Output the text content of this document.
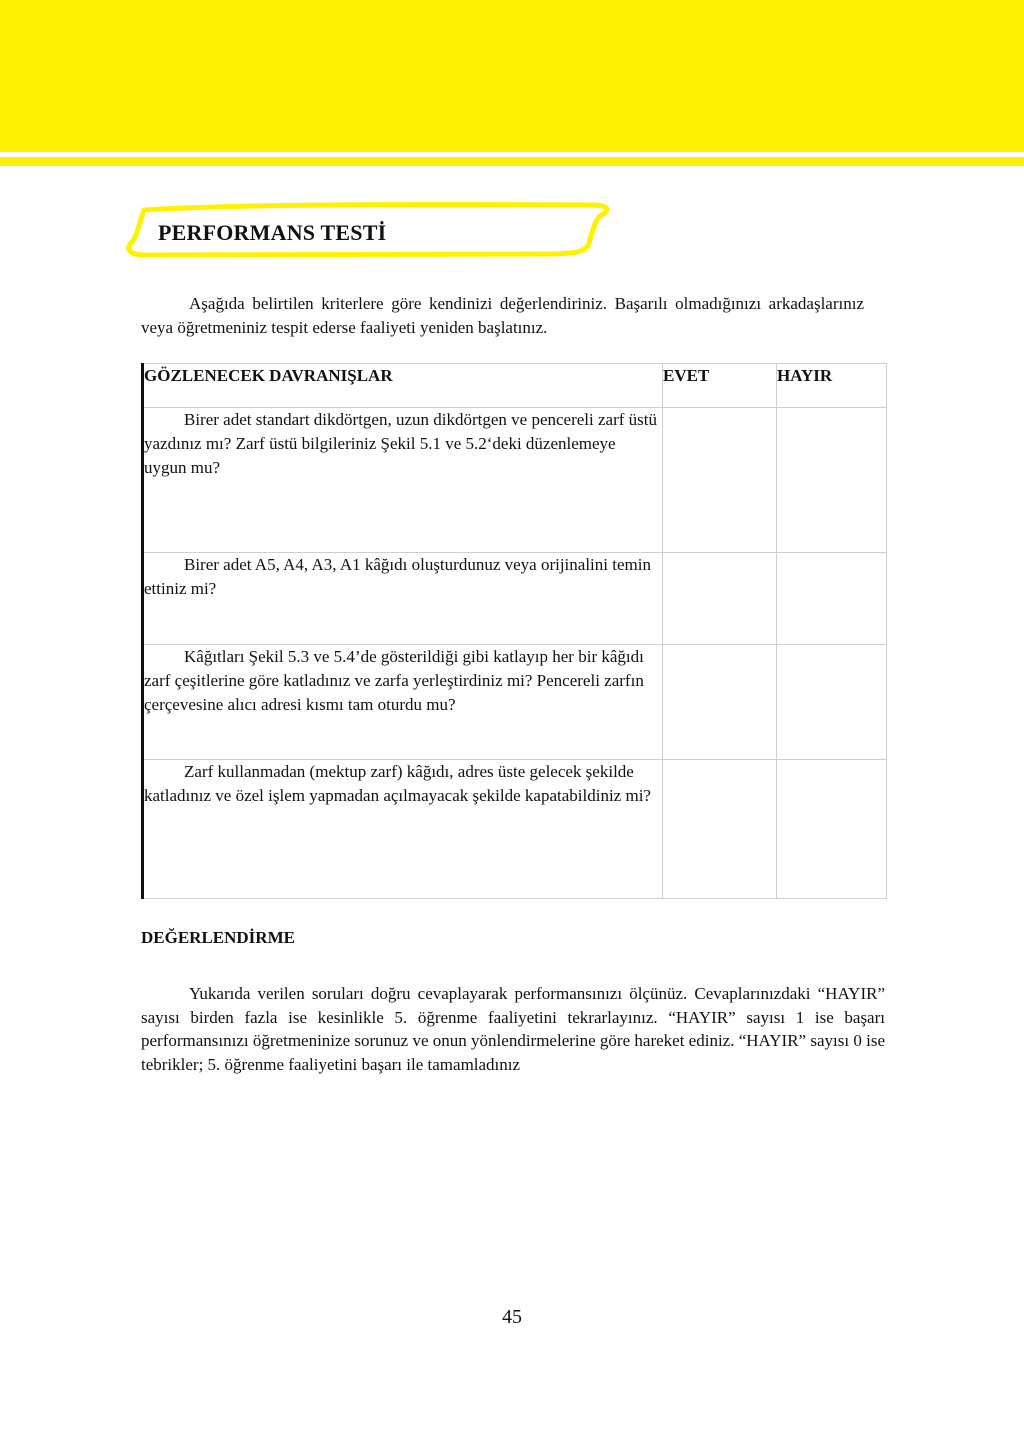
PERFORMANS TESTİ

Aşağıda belirtilen kriterlere göre kendinizi değerlendiriniz. Başarılı olmadığınızı arkadaşlarınız veya öğretmeniniz tespit ederse faaliyeti yeniden başlatınız.

GÖZLENECEK DAVRANIŞLAR	EVET	HAYIR
Birer adet standart dikdörtgen, uzun dikdörtgen ve pencereli zarf üstü yazdınız mı? Zarf üstü bilgileriniz Şekil 5.1 ve 5.2‘deki düzenlemeye uygun mu?		
Birer adet A5, A4, A3, A1 kâğıdı oluşturdunuz veya orijinalini temin ettiniz mi?		
Kâğıtları Şekil 5.3 ve 5.4’de gösterildiği gibi katlayıp her bir kâğıdı zarf çeşitlerine göre katladınız ve zarfa yerleştirdiniz mi? Pencereli zarfın çerçevesine alıcı adresi kısmı tam oturdu mu?		
Zarf kullanmadan (mektup zarf) kâğıdı, adres üste gelecek şekilde katladınız ve özel işlem yapmadan açılmayacak şekilde kapatabildiniz mi?		

DEĞERLENDİRME

Yukarıda verilen soruları doğru cevaplayarak performansınızı ölçünüz. Cevaplarınızdaki “HAYIR” sayısı birden fazla ise kesinlikle 5. öğrenme faaliyetini tekrarlayınız. “HAYIR” sayısı 1 ise başarı performansınızı öğretmeninize sorunuz ve onun yönlendirmelerine göre hareket ediniz. “HAYIR” sayısı 0 ise tebrikler; 5. öğrenme faaliyetini başarı ile tamamladınız

45
